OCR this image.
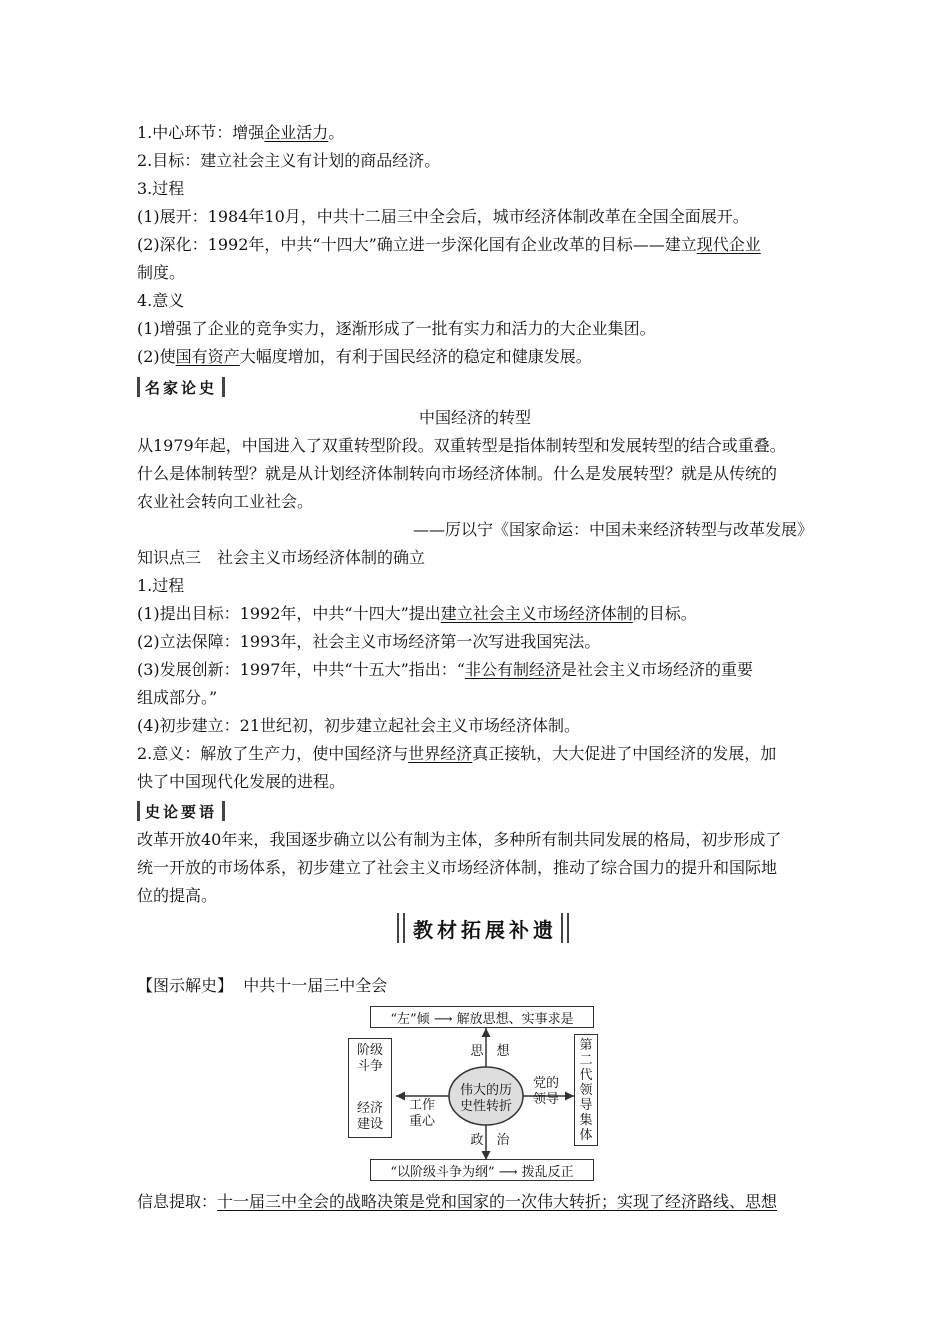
1.中心环节：增强企业活力。
2.目标：建立社会主义有计划的商品经济。
3.过程
(1)展开：1984年10月，中共十二届三中全会后，城市经济体制改革在全国全面展开。
(2)深化：1992年，中共“十四大”确立进一步深化国有企业改革的目标——建立现代企业
制度。
4.意义
(1)增强了企业的竞争实力，逐渐形成了一批有实力和活力的大企业集团。
(2)使国有资产大幅度增加，有利于国民经济的稳定和健康发展。
名家论史
中国经济的转型
从1979年起，中国进入了双重转型阶段。双重转型是指体制转型和发展转型的结合或重叠。
什么是体制转型？就是从计划经济体制转向市场经济体制。什么是发展转型？就是从传统的
农业社会转向工业社会。
——厉以宁《国家命运：中国未来经济转型与改革发展》
知识点三　社会主义市场经济体制的确立
1.过程
(1)提出目标：1992年，中共“十四大”提出建立社会主义市场经济体制的目标。
(2)立法保障：1993年，社会主义市场经济第一次写进我国宪法。
(3)发展创新：1997年，中共“十五大”指出：“非公有制经济是社会主义市场经济的重要
组成部分。”
(4)初步建立：21世纪初，初步建立起社会主义市场经济体制。
2.意义：解放了生产力，使中国经济与世界经济真正接轨，大大促进了中国经济的发展，加
快了中国现代化发展的进程。
史论要语
改革开放40年来，我国逐步确立以公有制为主体，多种所有制共同发展的格局，初步形成了
统一开放的市场体系，初步建立了社会主义市场经济体制，推动了综合国力的提升和国际地
位的提高。
教材拓展补遗
【图示解史】 中共十一届三中全会
“左”倾 ⟶ 解放思想、实事求是
“以阶级斗争为纲” ⟶ 拨乱反正
阶级斗争
经济建设
第二代领导集体
伟大的历
史性转折
思　想
政　治
工作
重心
党的
领导
信息提取：十一届三中全会的战略决策是党和国家的一次伟大转折；实现了经济路线、思想
